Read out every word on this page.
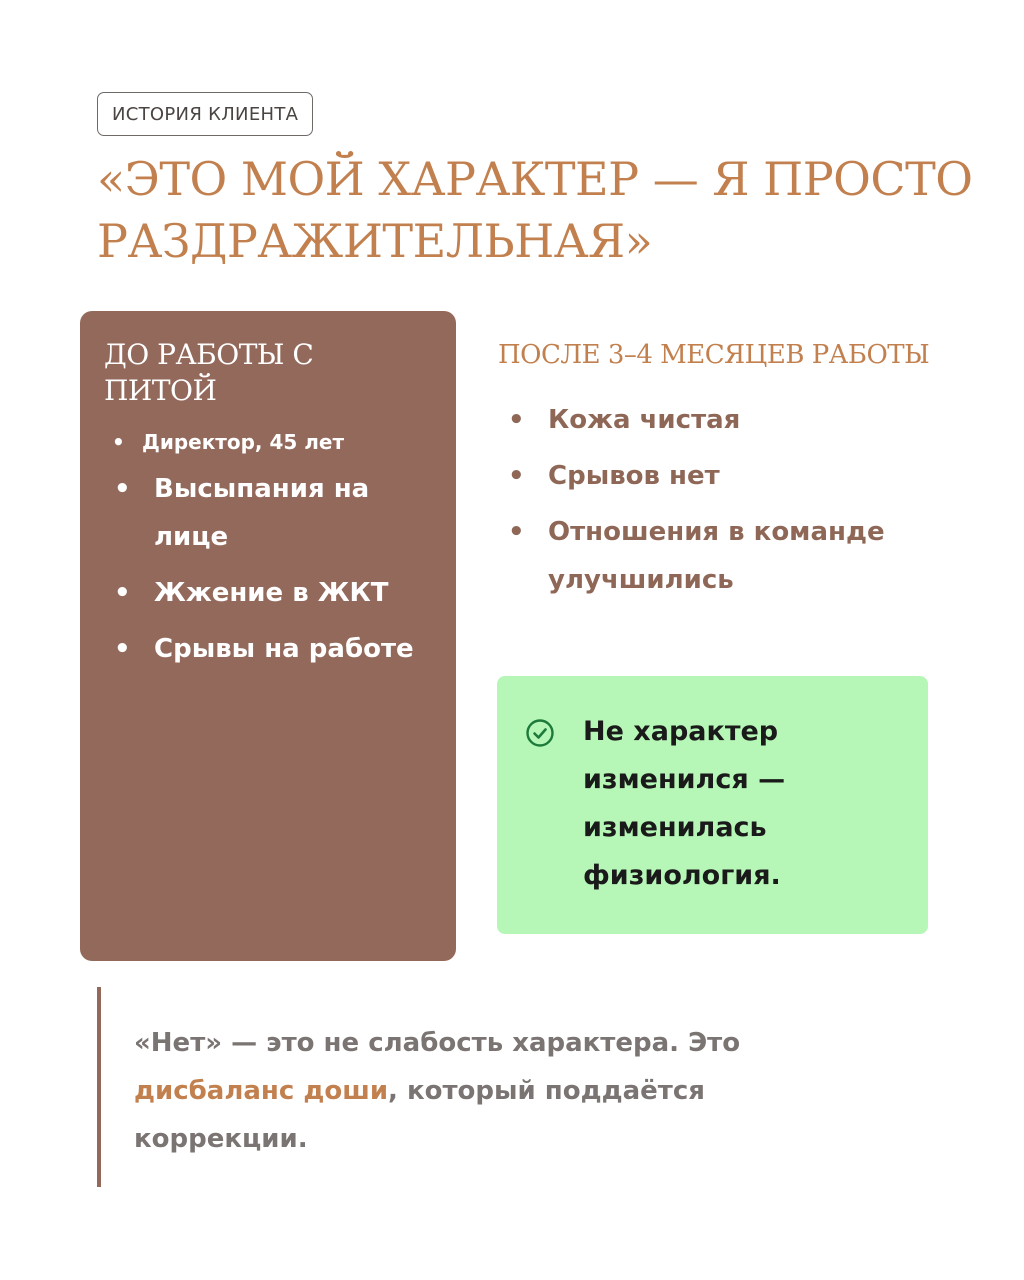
ИСТОРИЯ КЛИЕНТА
«ЭТО МОЙ ХАРАКТЕР — Я ПРОСТО РАЗДРАЖИТЕЛЬНАЯ»
ДО РАБОТЫ С ПИТОЙ
• Директор, 45 лет
• Высыпания на лице
• Жжение в ЖКТ
• Срывы на работе
ПОСЛЕ 3–4 МЕСЯЦЕВ РАБОТЫ
• Кожа чистая
• Срывов нет
• Отношения в команде улучшились
Не характер изменился — изменилась физиология.

«Нет» — это не слабость характера. Это дисбаланс доши, который поддаётся коррекции.
